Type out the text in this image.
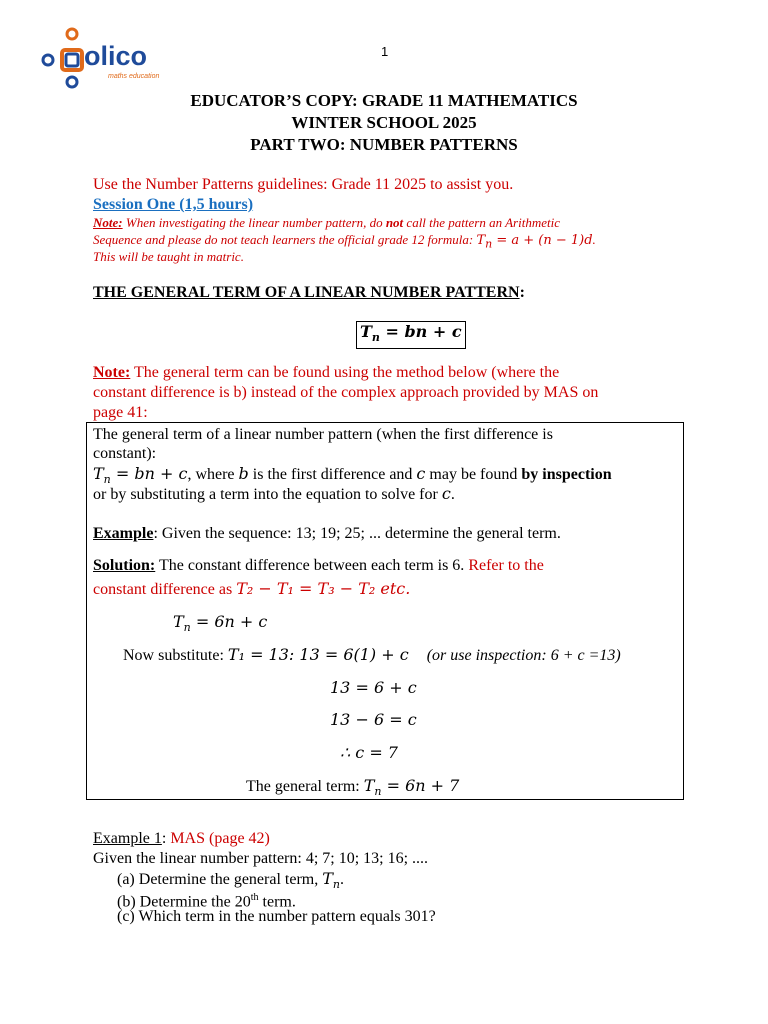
olico
maths education
1
EDUCATOR’S COPY: GRADE 11 MATHEMATICS
WINTER SCHOOL 2025
PART TWO: NUMBER PATTERNS
Use the Number Patterns guidelines: Grade 11 2025 to assist you.
Session One (1,5 hours)
Note: When investigating the linear number pattern, do not call the pattern an Arithmetic
Sequence and please do not teach learners the official grade 12 formula: $T_n = a + (n - 1)d$.
This will be taught in matric.
THE GENERAL TERM OF A LINEAR NUMBER PATTERN:
$T_n$ = bn + c
Note: The general term can be found using the method below (where the
constant difference is b) instead of the complex approach provided by MAS on
page 41:
The general term of a linear number pattern (when the first difference is
constant):
$T_n$ = bn + c, where b is the first difference and c may be found by inspection
or by substituting a term into the equation to solve for c.
Example: Given the sequence: 13; 19; 25; ... determine the general term.
Solution: The constant difference between each term is 6. Refer to the
constant difference as T₂ − T₁ = T₃ − T₂ etc.
$T_n = 6n + c$
Now substitute: T₁ = 13: 13 = 6(1) + c (or use inspection: 6 + c =13)
13 = 6 + c
13 − 6 = c
∴ c = 7
The general term: $T_n = 6n + 7$
Example 1: MAS (page 42)
Given the linear number pattern: 4; 7; 10; 13; 16; ....
(a) Determine the general term, $T_n$.
(b) Determine the 20th term.
(c) Which term in the number pattern equals 301?
